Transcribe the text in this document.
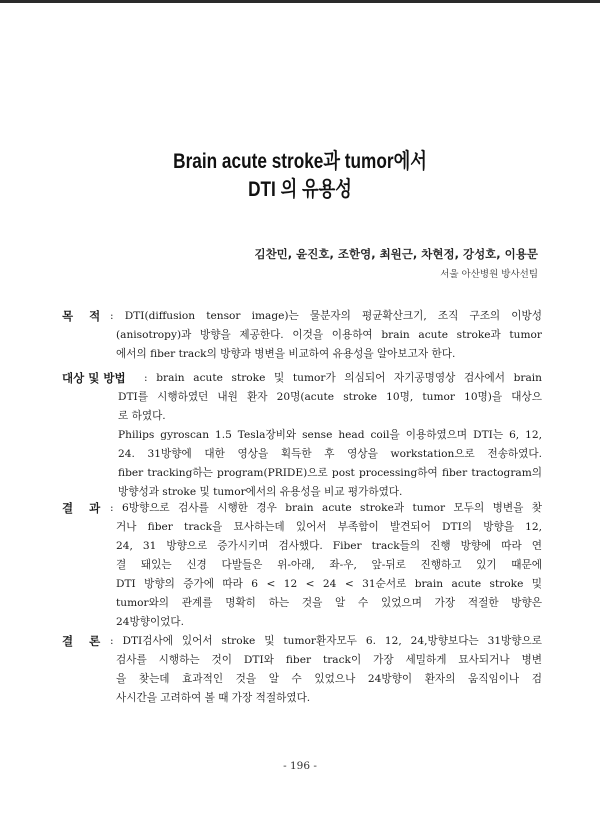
Brain acute stroke과 tumor에서
DTI 의 유용성
김찬민, 윤진호, 조한영, 최원근, 차현정, 강성호, 이용문
서울 아산병원 방사선팀
목    적 : DTI(diffusion tensor image)는 물분자의 평균확산크기, 조직 구조의 이방성

(anisotropy)과 방향을 제공한다. 이것을 이용하여 brain acute stroke과 tumor

에서의 fiber track의 방향과 병변을 비교하여 유용성을 알아보고자 한다.

대상 및 방법 : brain acute stroke 및 tumor가 의심되어 자기공명영상 검사에서 brain

DTI를 시행하였던 내원 환자 20명(acute stroke 10명, tumor 10명)을 대상으

로 하였다.

Philips gyroscan 1.5 Tesla장비와 sense head coil을 이용하였으며 DTI는 6, 12,

24. 31방향에 대한 영상을 획득한 후 영상을 workstation으로 전송하였다.

fiber tracking하는 program(PRIDE)으로 post processing하여 fiber tractogram의

방향성과 stroke 및 tumor에서의 유용성을 비교 평가하였다.

결    과 : 6방향으로 검사를 시행한 경우 brain acute stroke과 tumor 모두의 병변을 찾

거나 fiber track을 묘사하는데 있어서 부족함이 발견되어 DTI의 방향을 12,

24, 31 방향으로 증가시키며 검사했다. Fiber track들의 진행 방향에 따라 연

결 돼있는 신경 다발들은 위-아래, 좌-우, 앞-뒤로 진행하고 있기 때문에

DTI 방향의 증가에 따라 6 < 12 < 24 < 31순서로 brain acute stroke 및

tumor와의 관계를 명확히 하는 것을 알 수 있었으며 가장 적절한 방향은

24방향이었다.

결    론 : DTI검사에 있어서 stroke 및 tumor환자모두 6. 12, 24,방향보다는 31방향으로

검사를 시행하는 것이 DTI와 fiber track이 가장 세밀하게 묘사되거나 병변

을 찾는데 효과적인 것을 알 수 있었으나 24방향이 환자의 움직임이나 검

사시간을 고려하여 볼 때 가장 적절하였다.

- 196 -
